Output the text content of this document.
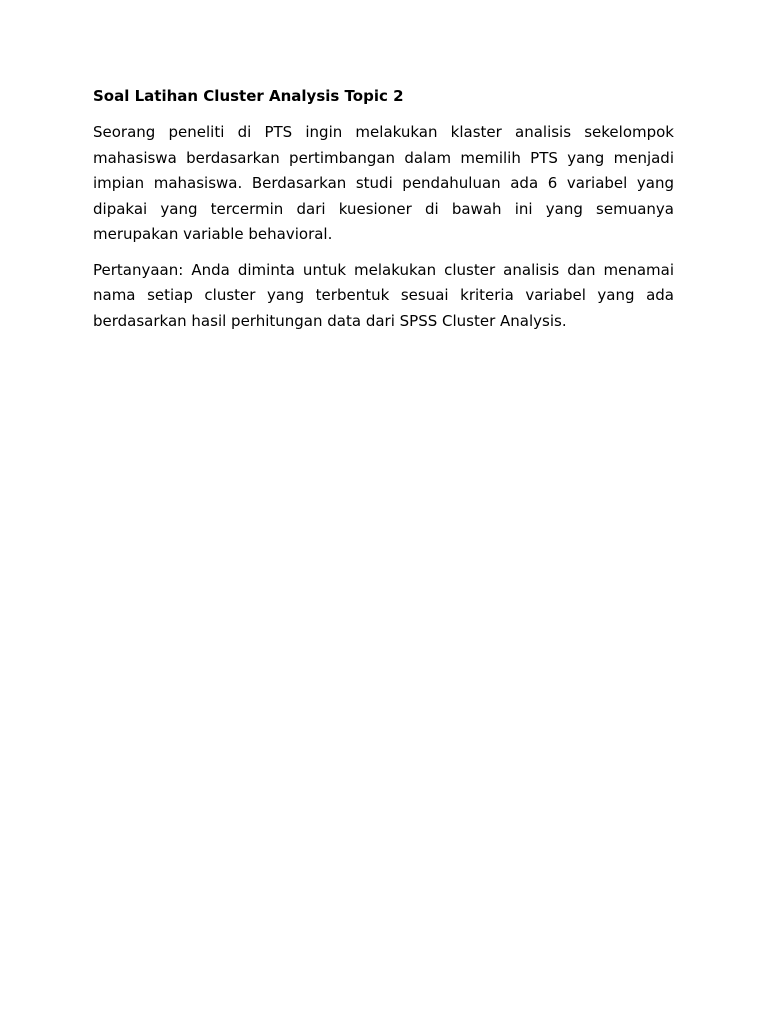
Soal Latihan Cluster Analysis Topic 2

Seorang peneliti di PTS ingin melakukan klaster analisis sekelompok mahasiswa berdasarkan pertimbangan dalam memilih PTS yang menjadi impian mahasiswa. Berdasarkan studi pendahuluan ada 6 variabel yang dipakai yang tercermin dari kuesioner di bawah ini yang semuanya merupakan variable behavioral.

Pertanyaan: Anda diminta untuk melakukan cluster analisis dan menamai nama setiap cluster yang terbentuk sesuai kriteria variabel yang ada berdasarkan hasil perhitungan data dari SPSS Cluster Analysis.
